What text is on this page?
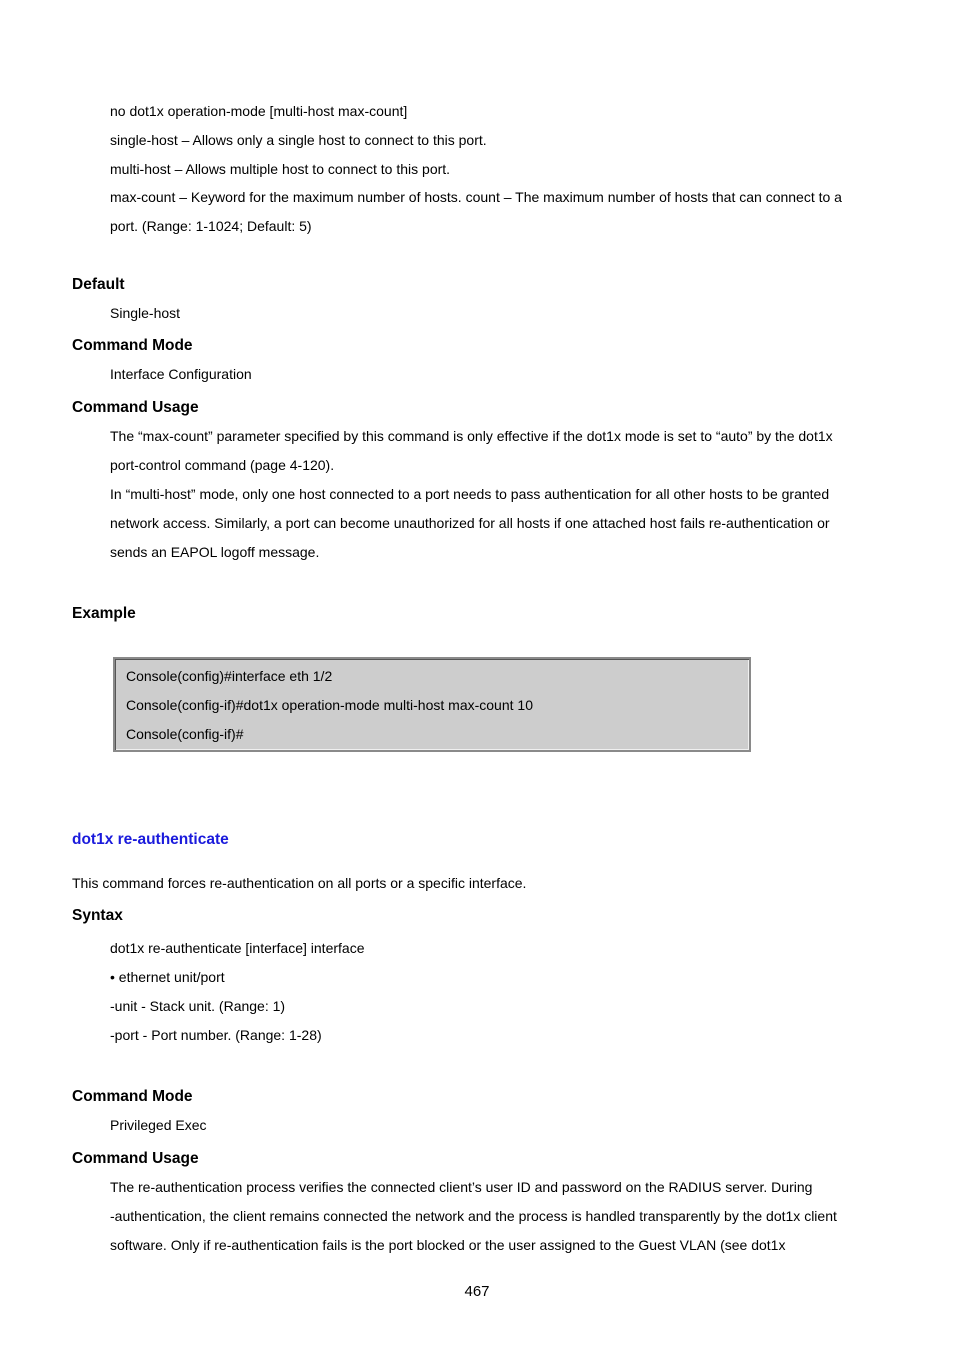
no dot1x operation-mode [multi-host max-count]
single-host – Allows only a single host to connect to this port.
multi-host – Allows multiple host to connect to this port.
max-count – Keyword for the maximum number of hosts. count – The maximum number of hosts that can connect to a
port. (Range: 1-1024; Default: 5)
Default
Single-host
Command Mode
Interface Configuration
Command Usage
The “max-count” parameter specified by this command is only effective if the dot1x mode is set to “auto” by the dot1x
port-control command (page 4-120).
In “multi-host” mode, only one host connected to a port needs to pass authentication for all other hosts to be granted
network access. Similarly, a port can become unauthorized for all hosts if one attached host fails re-authentication or
sends an EAPOL logoff message.
Example
Console(config)#interface eth 1/2
Console(config-if)#dot1x operation-mode multi-host max-count 10
Console(config-if)#
dot1x re-authenticate
This command forces re-authentication on all ports or a specific interface.
Syntax
dot1x re-authenticate [interface] interface
• ethernet unit/port
-unit - Stack unit. (Range: 1)
-port - Port number. (Range: 1-28)
Command Mode
Privileged Exec
Command Usage
The re-authentication process verifies the connected client’s user ID and password on the RADIUS server. During
-authentication, the client remains connected the network and the process is handled transparently by the dot1x client
software. Only if re-authentication fails is the port blocked or the user assigned to the Guest VLAN (see dot1x
467
